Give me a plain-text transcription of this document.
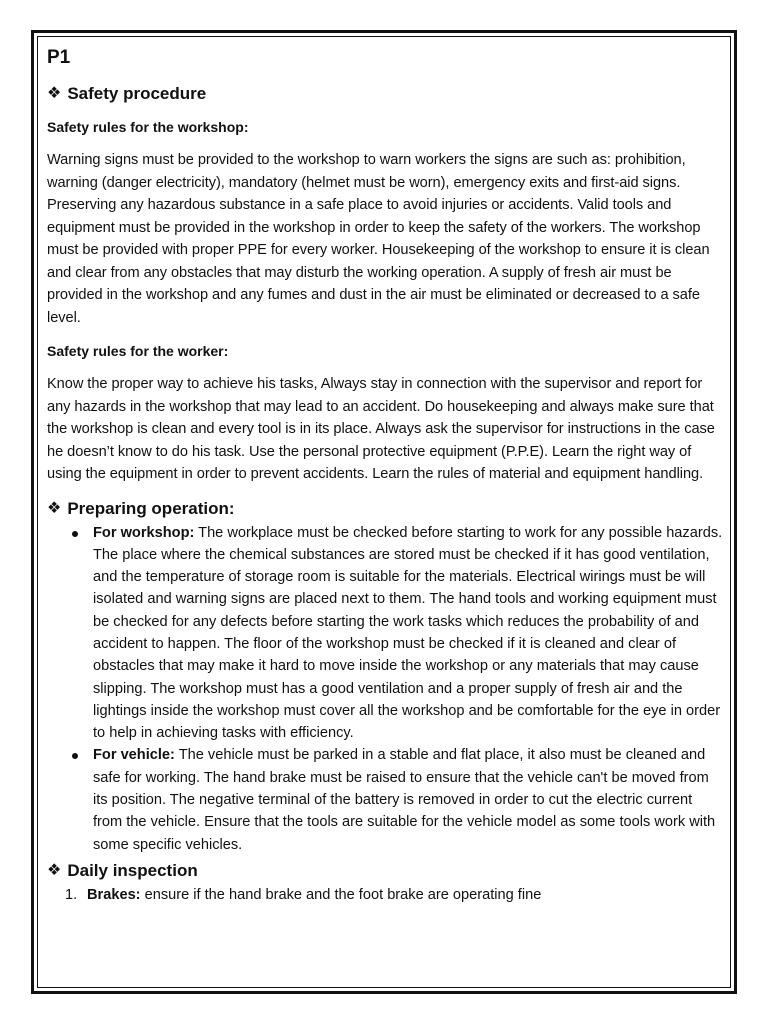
P1
❖ Safety procedure
Safety rules for the workshop:

Warning signs must be provided to the workshop to warn workers the signs are such as: prohibition, warning (danger electricity), mandatory (helmet must be worn), emergency exits and first-aid signs. Preserving any hazardous substance in a safe place to avoid injuries or accidents. Valid tools and equipment must be provided in the workshop in order to keep the safety of the workers. The workshop must be provided with proper PPE for every worker. Housekeeping of the workshop to ensure it is clean and clear from any obstacles that may disturb the working operation. A supply of fresh air must be provided in the workshop and any fumes and dust in the air must be eliminated or decreased to a safe level.

Safety rules for the worker:

Know the proper way to achieve his tasks, Always stay in connection with the supervisor and report for any hazards in the workshop that may lead to an accident. Do housekeeping and always make sure that the workshop is clean and every tool is in its place. Always ask the supervisor for instructions in the case he doesn’t know to do his task. Use the personal protective equipment (P.P.E). Learn the right way of using the equipment in order to prevent accidents. Learn the rules of material and equipment handling.

❖ Preparing operation:
For workshop: The workplace must be checked before starting to work for any possible hazards. The place where the chemical substances are stored must be checked if it has good ventilation, and the temperature of storage room is suitable for the materials. Electrical wirings must be will isolated and warning signs are placed next to them. The hand tools and working equipment must be checked for any defects before starting the work tasks which reduces the probability of and accident to happen. The floor of the workshop must be checked if it is cleaned and clear of obstacles that may make it hard to move inside the workshop or any materials that may cause slipping. The workshop must has a good ventilation and a proper supply of fresh air and the lightings inside the workshop must cover all the workshop and be comfortable for the eye in order to help in achieving tasks with efficiency.
For vehicle: The vehicle must be parked in a stable and flat place, it also must be cleaned and safe for working. The hand brake must be raised to ensure that the vehicle can't be moved from its position. The negative terminal of the battery is removed in order to cut the electric current from the vehicle. Ensure that the tools are suitable for the vehicle model as some tools work with some specific vehicles.
❖ Daily inspection
1. Brakes: ensure if the hand brake and the foot brake are operating fine
